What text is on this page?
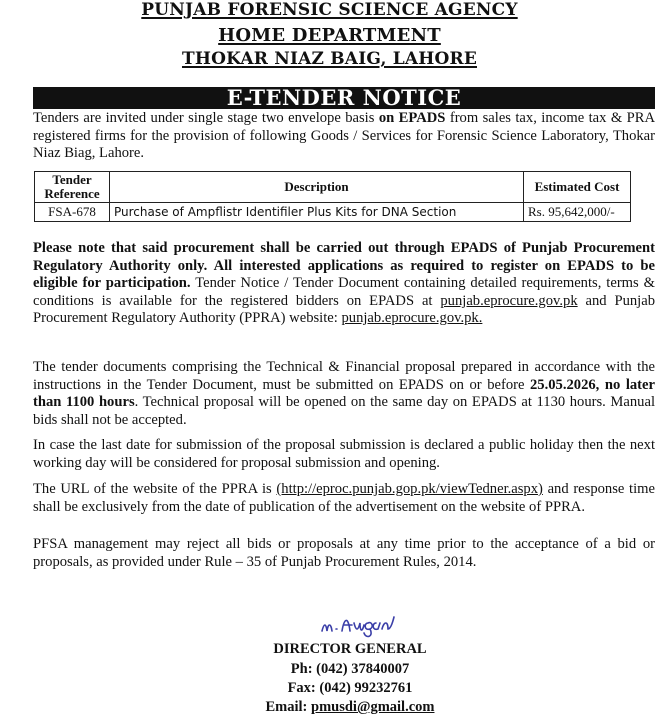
PUNJAB FORENSIC SCIENCE AGENCY
HOME DEPARTMENT
THOKAR NIAZ BAIG, LAHORE
E-TENDER NOTICE
Tenders are invited under single stage two envelope basis on EPADS from sales tax, income tax & PRA registered firms for the provision of following Goods / Services for Forensic Science Laboratory, Thokar Niaz Biag, Lahore.
Tender Reference	Description	Estimated Cost
FSA-678	Purchase of Ampflistr Identifiler Plus Kits for DNA Section	Rs. 95,642,000/-
Please note that said procurement shall be carried out through EPADS of Punjab Procurement Regulatory Authority only. All interested applications as required to register on EPADS to be eligible for participation. Tender Notice / Tender Document containing detailed requirements, terms & conditions is available for the registered bidders on EPADS at punjab.eprocure.gov.pk and Punjab Procurement Regulatory Authority (PPRA) website: punjab.eprocure.gov.pk.
The tender documents comprising the Technical & Financial proposal prepared in accordance with the instructions in the Tender Document, must be submitted on EPADS on or before 25.05.2026, no later than 1100 hours. Technical proposal will be opened on the same day on EPADS at 1130 hours. Manual bids shall not be accepted.
In case the last date for submission of the proposal submission is declared a public holiday then the next working day will be considered for proposal submission and opening.
The URL of the website of the PPRA is (http://eproc.punjab.gop.pk/viewTedner.aspx) and response time shall be exclusively from the date of publication of the advertisement on the website of PPRA.
PFSA management may reject all bids or proposals at any time prior to the acceptance of a bid or proposals, as provided under Rule – 35 of Punjab Procurement Rules, 2014.
DIRECTOR GENERAL
Ph: (042) 37840007
Fax: (042) 99232761
Email: pmusdi@gmail.com
